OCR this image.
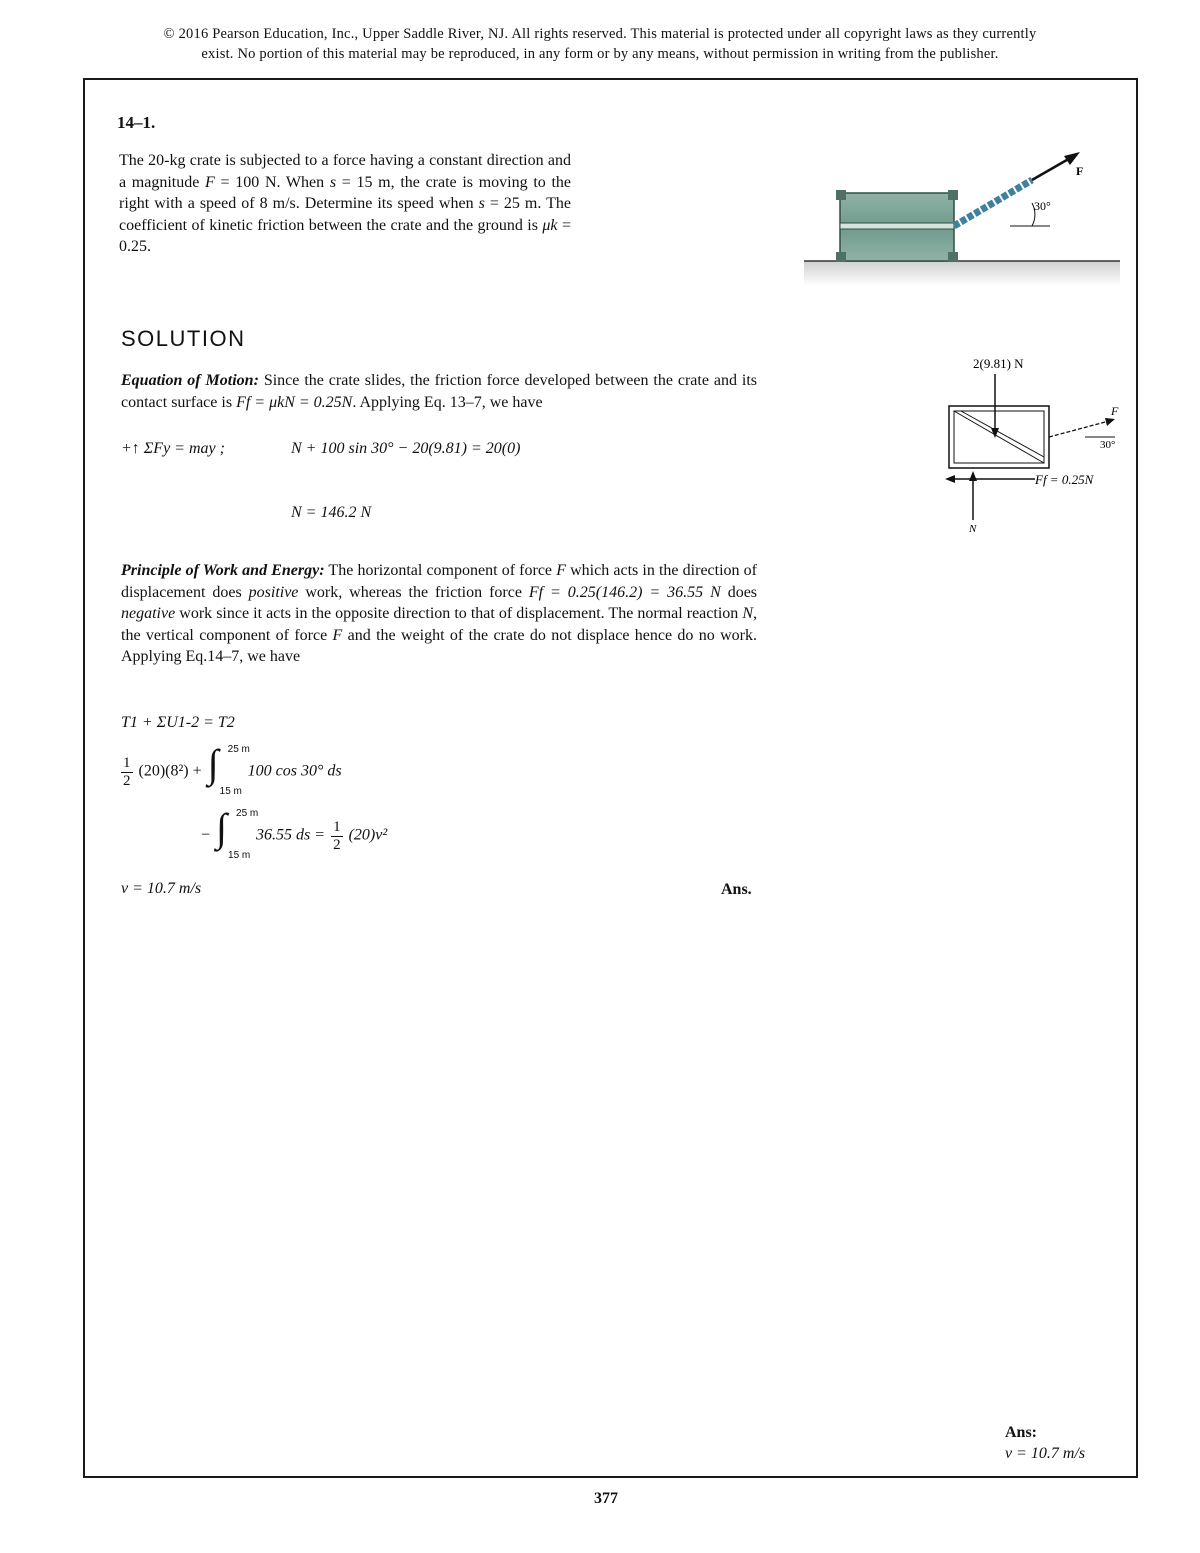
© 2016 Pearson Education, Inc., Upper Saddle River, NJ. All rights reserved. This material is protected under all copyright laws as they currently
exist. No portion of this material may be reproduced, in any form or by any means, without permission in writing from the publisher.
14–1.
The 20-kg crate is subjected to a force having a constant direction and a magnitude F = 100 N. When s = 15 m, the crate is moving to the right with a speed of 8 m/s. Determine its speed when s = 25 m. The coefficient of kinetic friction between the crate and the ground is μk = 0.25.
F
30°
SOLUTION
Equation of Motion: Since the crate slides, the friction force developed between the crate and its contact surface is Ff = μkN = 0.25N. Applying Eq. 13–7, we have
+↑ ΣFy = may ;	N + 100 sin 30° − 20(9.81) = 20(0)
N = 146.2 N
Principle of Work and Energy: The horizontal component of force F which acts in the direction of displacement does positive work, whereas the friction force Ff = 0.25(146.2) = 36.55 N does negative work since it acts in the opposite direction to that of displacement. The normal reaction N, the vertical component of force F and the weight of the crate do not displace hence do no work. Applying Eq.14–7, we have
T1 + ΣU1-2 = T2
$\frac{1}{2} (20)(8^2)$ + ∫ 25 m
15 m
100 cos 30° ds
− ∫ 25 m
15 m
36.55 ds = $\frac{1}{2} (20)v^2$
v = 10.7 m/s	Ans.
2(9.81) N
F
30°
Ff = 0.25N
N
Ans:
v = 10.7 m/s
377
